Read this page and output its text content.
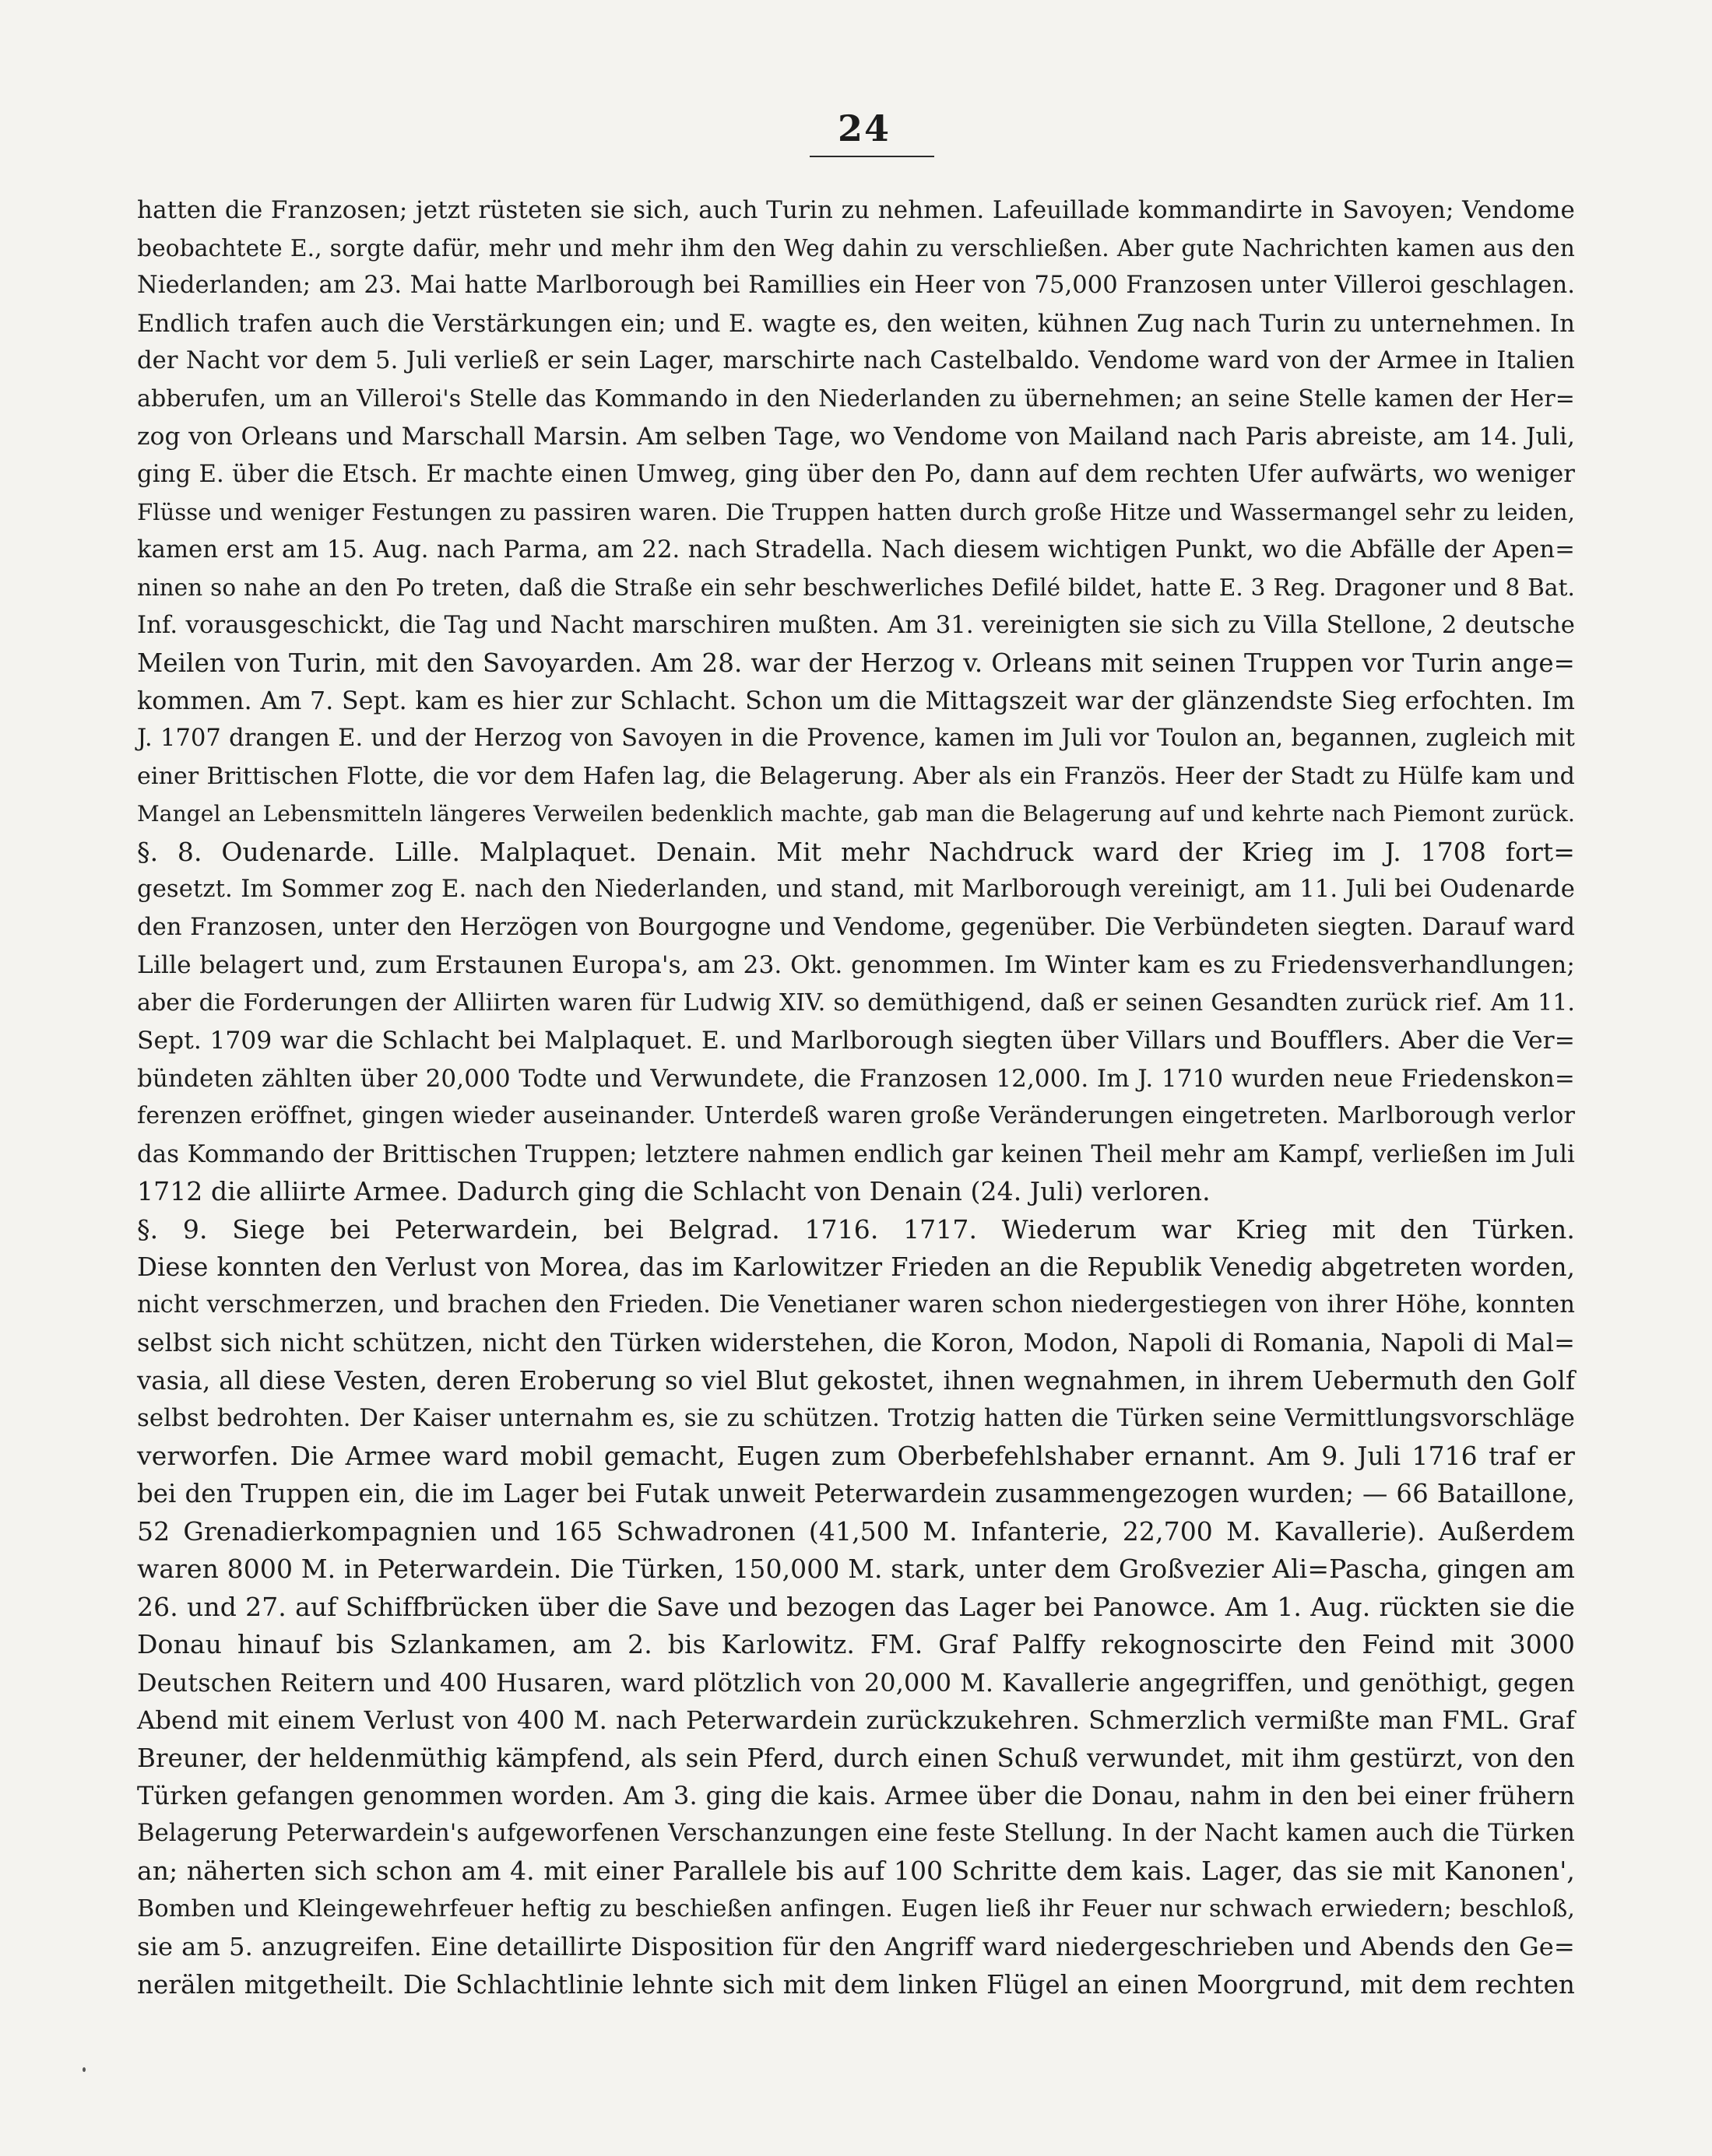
24
hatten die Franzosen; jetzt rüsteten sie sich, auch Turin zu nehmen. Lafeuillade kommandirte in Savoyen; Vendome
beobachtete E., sorgte dafür, mehr und mehr ihm den Weg dahin zu verschließen. Aber gute Nachrichten kamen aus den
Niederlanden; am 23. Mai hatte Marlborough bei Ramillies ein Heer von 75,000 Franzosen unter Villeroi geschlagen.
Endlich trafen auch die Verstärkungen ein; und E. wagte es, den weiten, kühnen Zug nach Turin zu unternehmen. In
der Nacht vor dem 5. Juli verließ er sein Lager, marschirte nach Castelbaldo. Vendome ward von der Armee in Italien
abberufen, um an Villeroi's Stelle das Kommando in den Niederlanden zu übernehmen; an seine Stelle kamen der Her=
zog von Orleans und Marschall Marsin. Am selben Tage, wo Vendome von Mailand nach Paris abreiste, am 14. Juli,
ging E. über die Etsch. Er machte einen Umweg, ging über den Po, dann auf dem rechten Ufer aufwärts, wo weniger
Flüsse und weniger Festungen zu passiren waren. Die Truppen hatten durch große Hitze und Wassermangel sehr zu leiden,
kamen erst am 15. Aug. nach Parma, am 22. nach Stradella. Nach diesem wichtigen Punkt, wo die Abfälle der Apen=
ninen so nahe an den Po treten, daß die Straße ein sehr beschwerliches Defilé bildet, hatte E. 3 Reg. Dragoner und 8 Bat.
Inf. vorausgeschickt, die Tag und Nacht marschiren mußten. Am 31. vereinigten sie sich zu Villa Stellone, 2 deutsche
Meilen von Turin, mit den Savoyarden. Am 28. war der Herzog v. Orleans mit seinen Truppen vor Turin ange=
kommen. Am 7. Sept. kam es hier zur Schlacht. Schon um die Mittagszeit war der glänzendste Sieg erfochten. Im
J. 1707 drangen E. und der Herzog von Savoyen in die Provence, kamen im Juli vor Toulon an, begannen, zugleich mit
einer Brittischen Flotte, die vor dem Hafen lag, die Belagerung. Aber als ein Französ. Heer der Stadt zu Hülfe kam und
Mangel an Lebensmitteln längeres Verweilen bedenklich machte, gab man die Belagerung auf und kehrte nach Piemont zurück.
§. 8. Oudenarde. Lille. Malplaquet. Denain. Mit mehr Nachdruck ward der Krieg im J. 1708 fort=
gesetzt. Im Sommer zog E. nach den Niederlanden, und stand, mit Marlborough vereinigt, am 11. Juli bei Oudenarde
den Franzosen, unter den Herzögen von Bourgogne und Vendome, gegenüber. Die Verbündeten siegten. Darauf ward
Lille belagert und, zum Erstaunen Europa's, am 23. Okt. genommen. Im Winter kam es zu Friedensverhandlungen;
aber die Forderungen der Alliirten waren für Ludwig XIV. so demüthigend, daß er seinen Gesandten zurück rief. Am 11.
Sept. 1709 war die Schlacht bei Malplaquet. E. und Marlborough siegten über Villars und Boufflers. Aber die Ver=
bündeten zählten über 20,000 Todte und Verwundete, die Franzosen 12,000. Im J. 1710 wurden neue Friedenskon=
ferenzen eröffnet, gingen wieder auseinander. Unterdeß waren große Veränderungen eingetreten. Marlborough verlor
das Kommando der Brittischen Truppen; letztere nahmen endlich gar keinen Theil mehr am Kampf, verließen im Juli
1712 die alliirte Armee. Dadurch ging die Schlacht von Denain (24. Juli) verloren.
§. 9. Siege bei Peterwardein, bei Belgrad. 1716. 1717. Wiederum war Krieg mit den Türken.
Diese konnten den Verlust von Morea, das im Karlowitzer Frieden an die Republik Venedig abgetreten worden,
nicht verschmerzen, und brachen den Frieden. Die Venetianer waren schon niedergestiegen von ihrer Höhe, konnten
selbst sich nicht schützen, nicht den Türken widerstehen, die Koron, Modon, Napoli di Romania, Napoli di Mal=
vasia, all diese Vesten, deren Eroberung so viel Blut gekostet, ihnen wegnahmen, in ihrem Uebermuth den Golf
selbst bedrohten. Der Kaiser unternahm es, sie zu schützen. Trotzig hatten die Türken seine Vermittlungsvorschläge
verworfen. Die Armee ward mobil gemacht, Eugen zum Oberbefehlshaber ernannt. Am 9. Juli 1716 traf er
bei den Truppen ein, die im Lager bei Futak unweit Peterwardein zusammengezogen wurden; — 66 Bataillone,
52 Grenadierkompagnien und 165 Schwadronen (41,500 M. Infanterie, 22,700 M. Kavallerie). Außerdem
waren 8000 M. in Peterwardein. Die Türken, 150,000 M. stark, unter dem Großvezier Ali=Pascha, gingen am
26. und 27. auf Schiffbrücken über die Save und bezogen das Lager bei Panowce. Am 1. Aug. rückten sie die
Donau hinauf bis Szlankamen, am 2. bis Karlowitz. FM. Graf Palffy rekognoscirte den Feind mit 3000
Deutschen Reitern und 400 Husaren, ward plötzlich von 20,000 M. Kavallerie angegriffen, und genöthigt, gegen
Abend mit einem Verlust von 400 M. nach Peterwardein zurückzukehren. Schmerzlich vermißte man FML. Graf
Breuner, der heldenmüthig kämpfend, als sein Pferd, durch einen Schuß verwundet, mit ihm gestürzt, von den
Türken gefangen genommen worden. Am 3. ging die kais. Armee über die Donau, nahm in den bei einer frühern
Belagerung Peterwardein's aufgeworfenen Verschanzungen eine feste Stellung. In der Nacht kamen auch die Türken
an; näherten sich schon am 4. mit einer Parallele bis auf 100 Schritte dem kais. Lager, das sie mit Kanonen',
Bomben und Kleingewehrfeuer heftig zu beschießen anfingen. Eugen ließ ihr Feuer nur schwach erwiedern; beschloß,
sie am 5. anzugreifen. Eine detaillirte Disposition für den Angriff ward niedergeschrieben und Abends den Ge=
nerälen mitgetheilt. Die Schlachtlinie lehnte sich mit dem linken Flügel an einen Moorgrund, mit dem rechten
